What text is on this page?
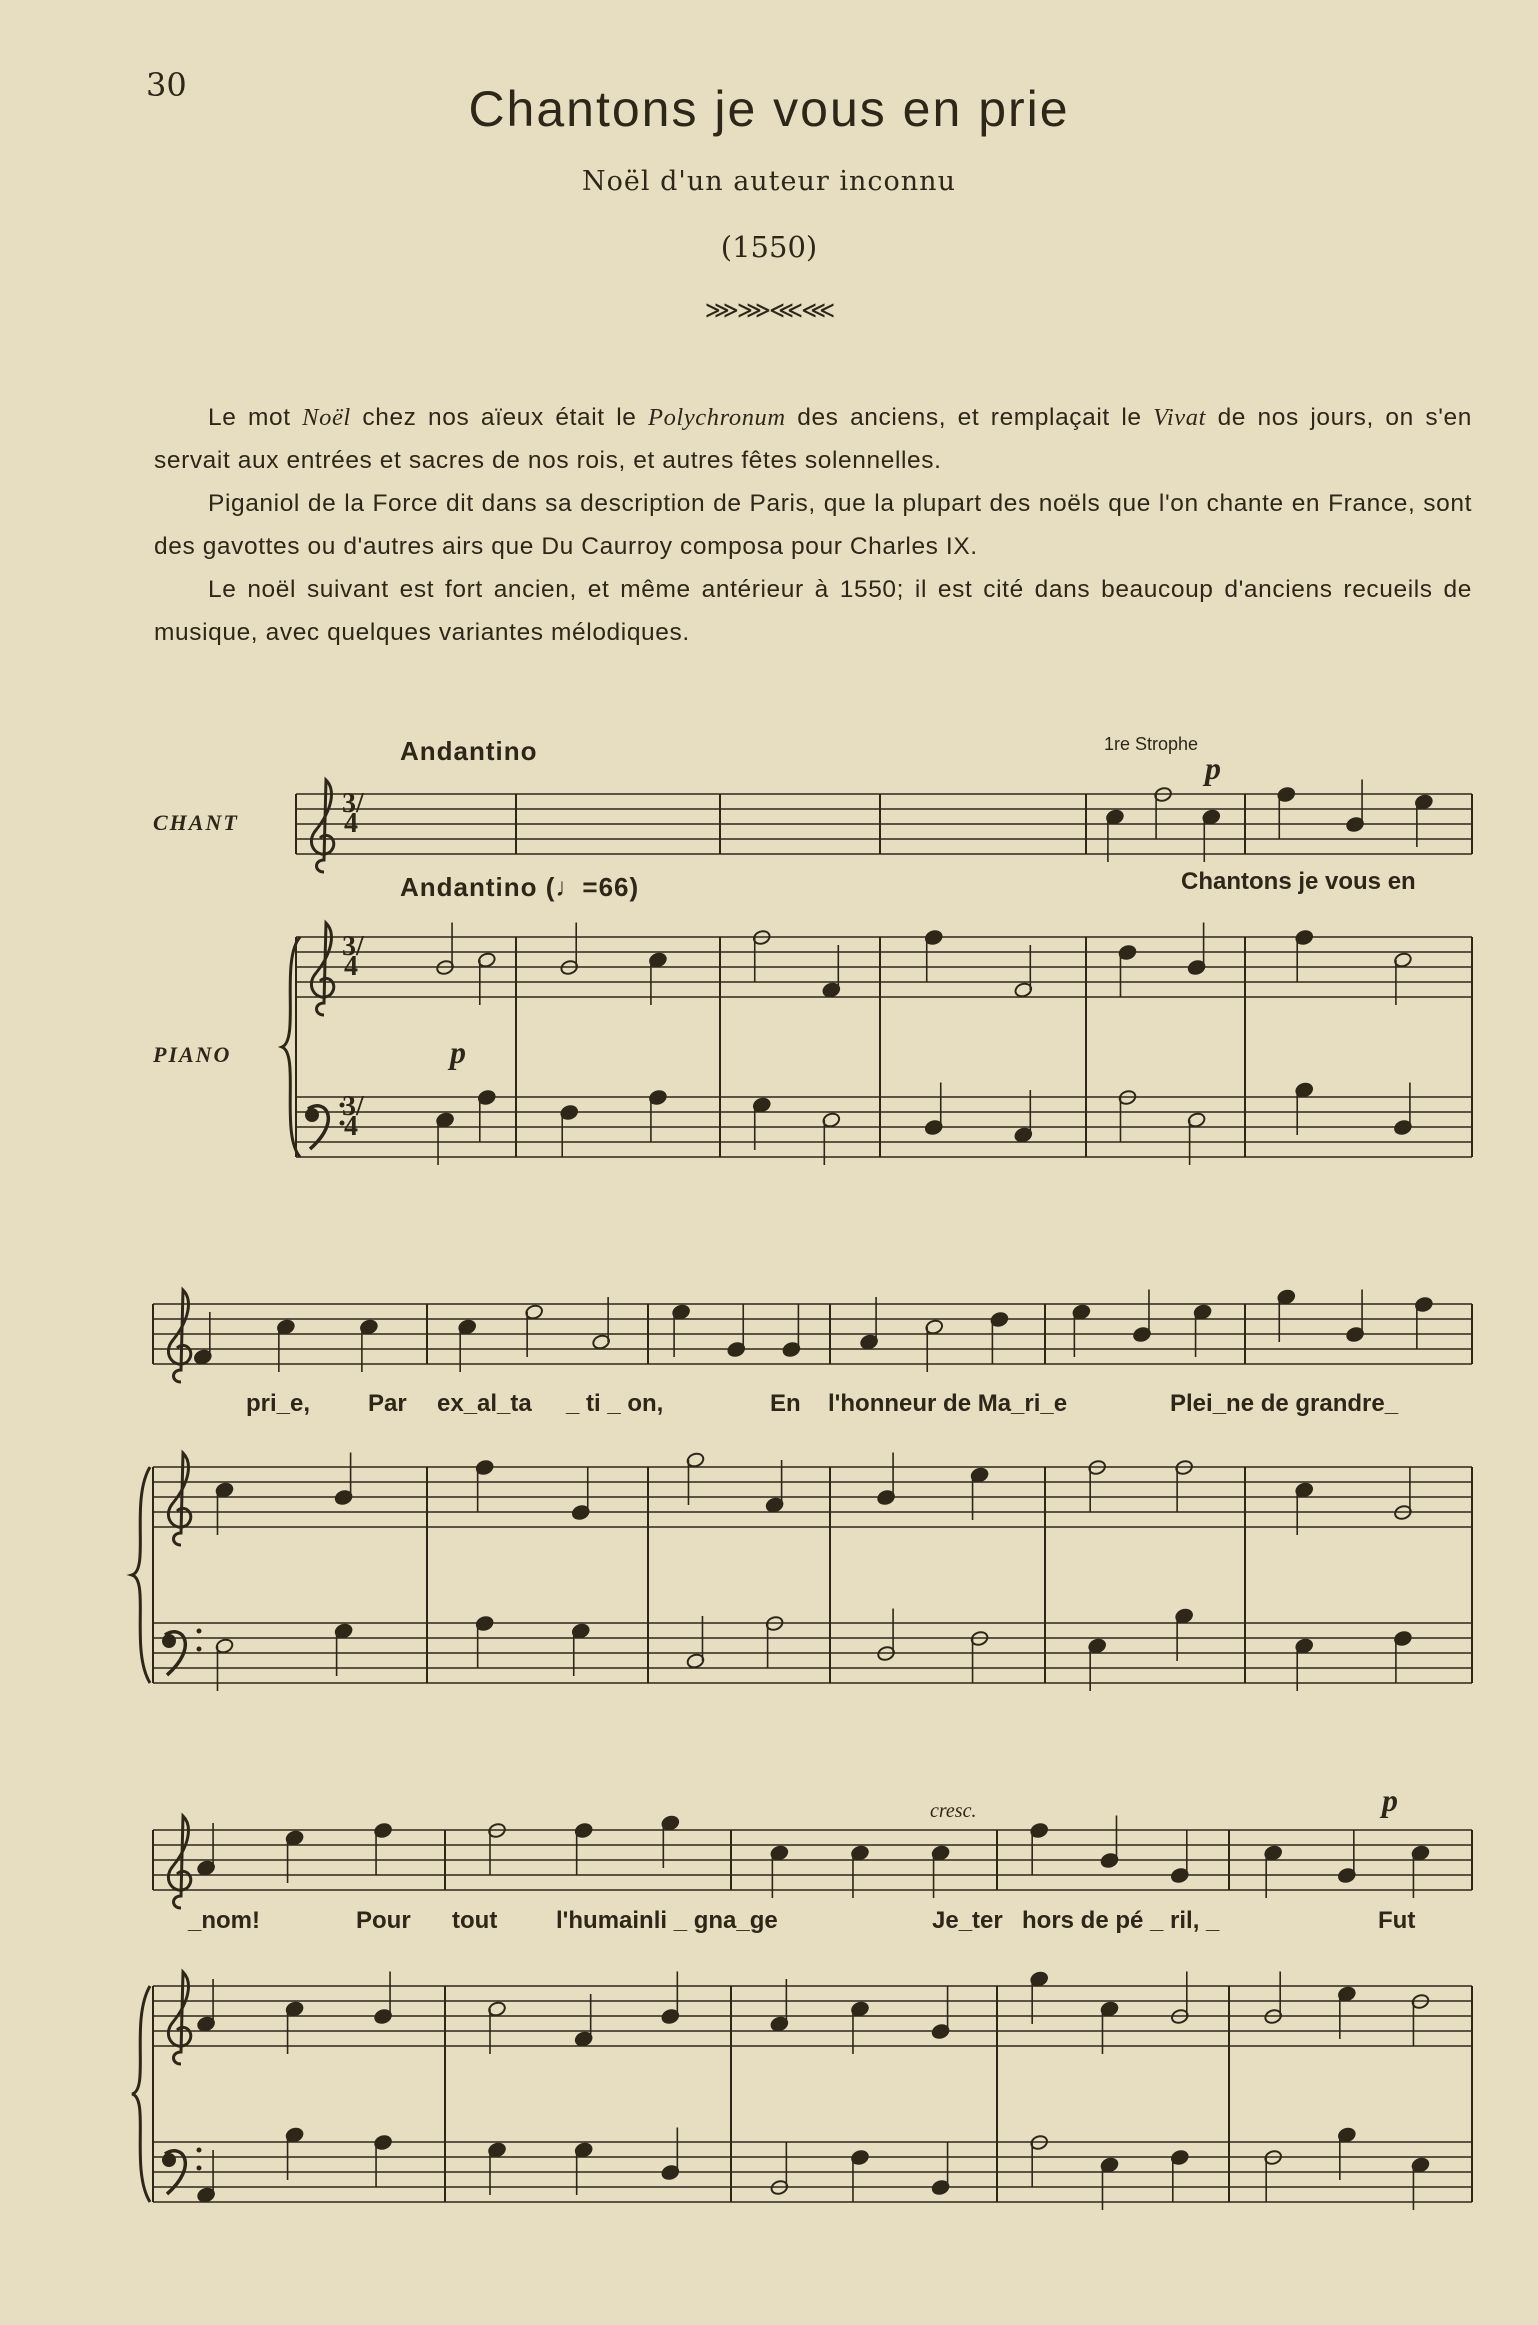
30	Chantons je vous en prie
Noël d'un auteur inconnu
(1550)
⋙⋙⋘⋘

Le mot Noël chez nos aïeux était le Polychronum des anciens, et remplaçait le Vivat de nos jours, on s'en servait aux entrées et sacres de nos rois, et autres fêtes solennelles.

Piganiol de la Force dit dans sa description de Paris, que la plupart des noëls que l'on chante en France, sont des gavottes ou d'autres airs que Du Caurroy composa pour Charles IX.

Le noël suivant est fort ancien, et même antérieur à 1550; il est cité dans beaucoup d'anciens recueils de musique, avec quelques variantes mélodiques.

3/4
3/4
3/4
Andantino	1re Strophe
p
CHANT
Andantino (♩=66)	Chantons je vous en
PIANO	p
pri_e, Par ex_al_ta _ ti _ on,	En l'honneur de Ma_ri_e	Plei_ne de grandre_
cresc.	p
_nom!	Pour tout l'humainli _ gna_ge	Je_ter hors de pé _ ril, _	Fut
